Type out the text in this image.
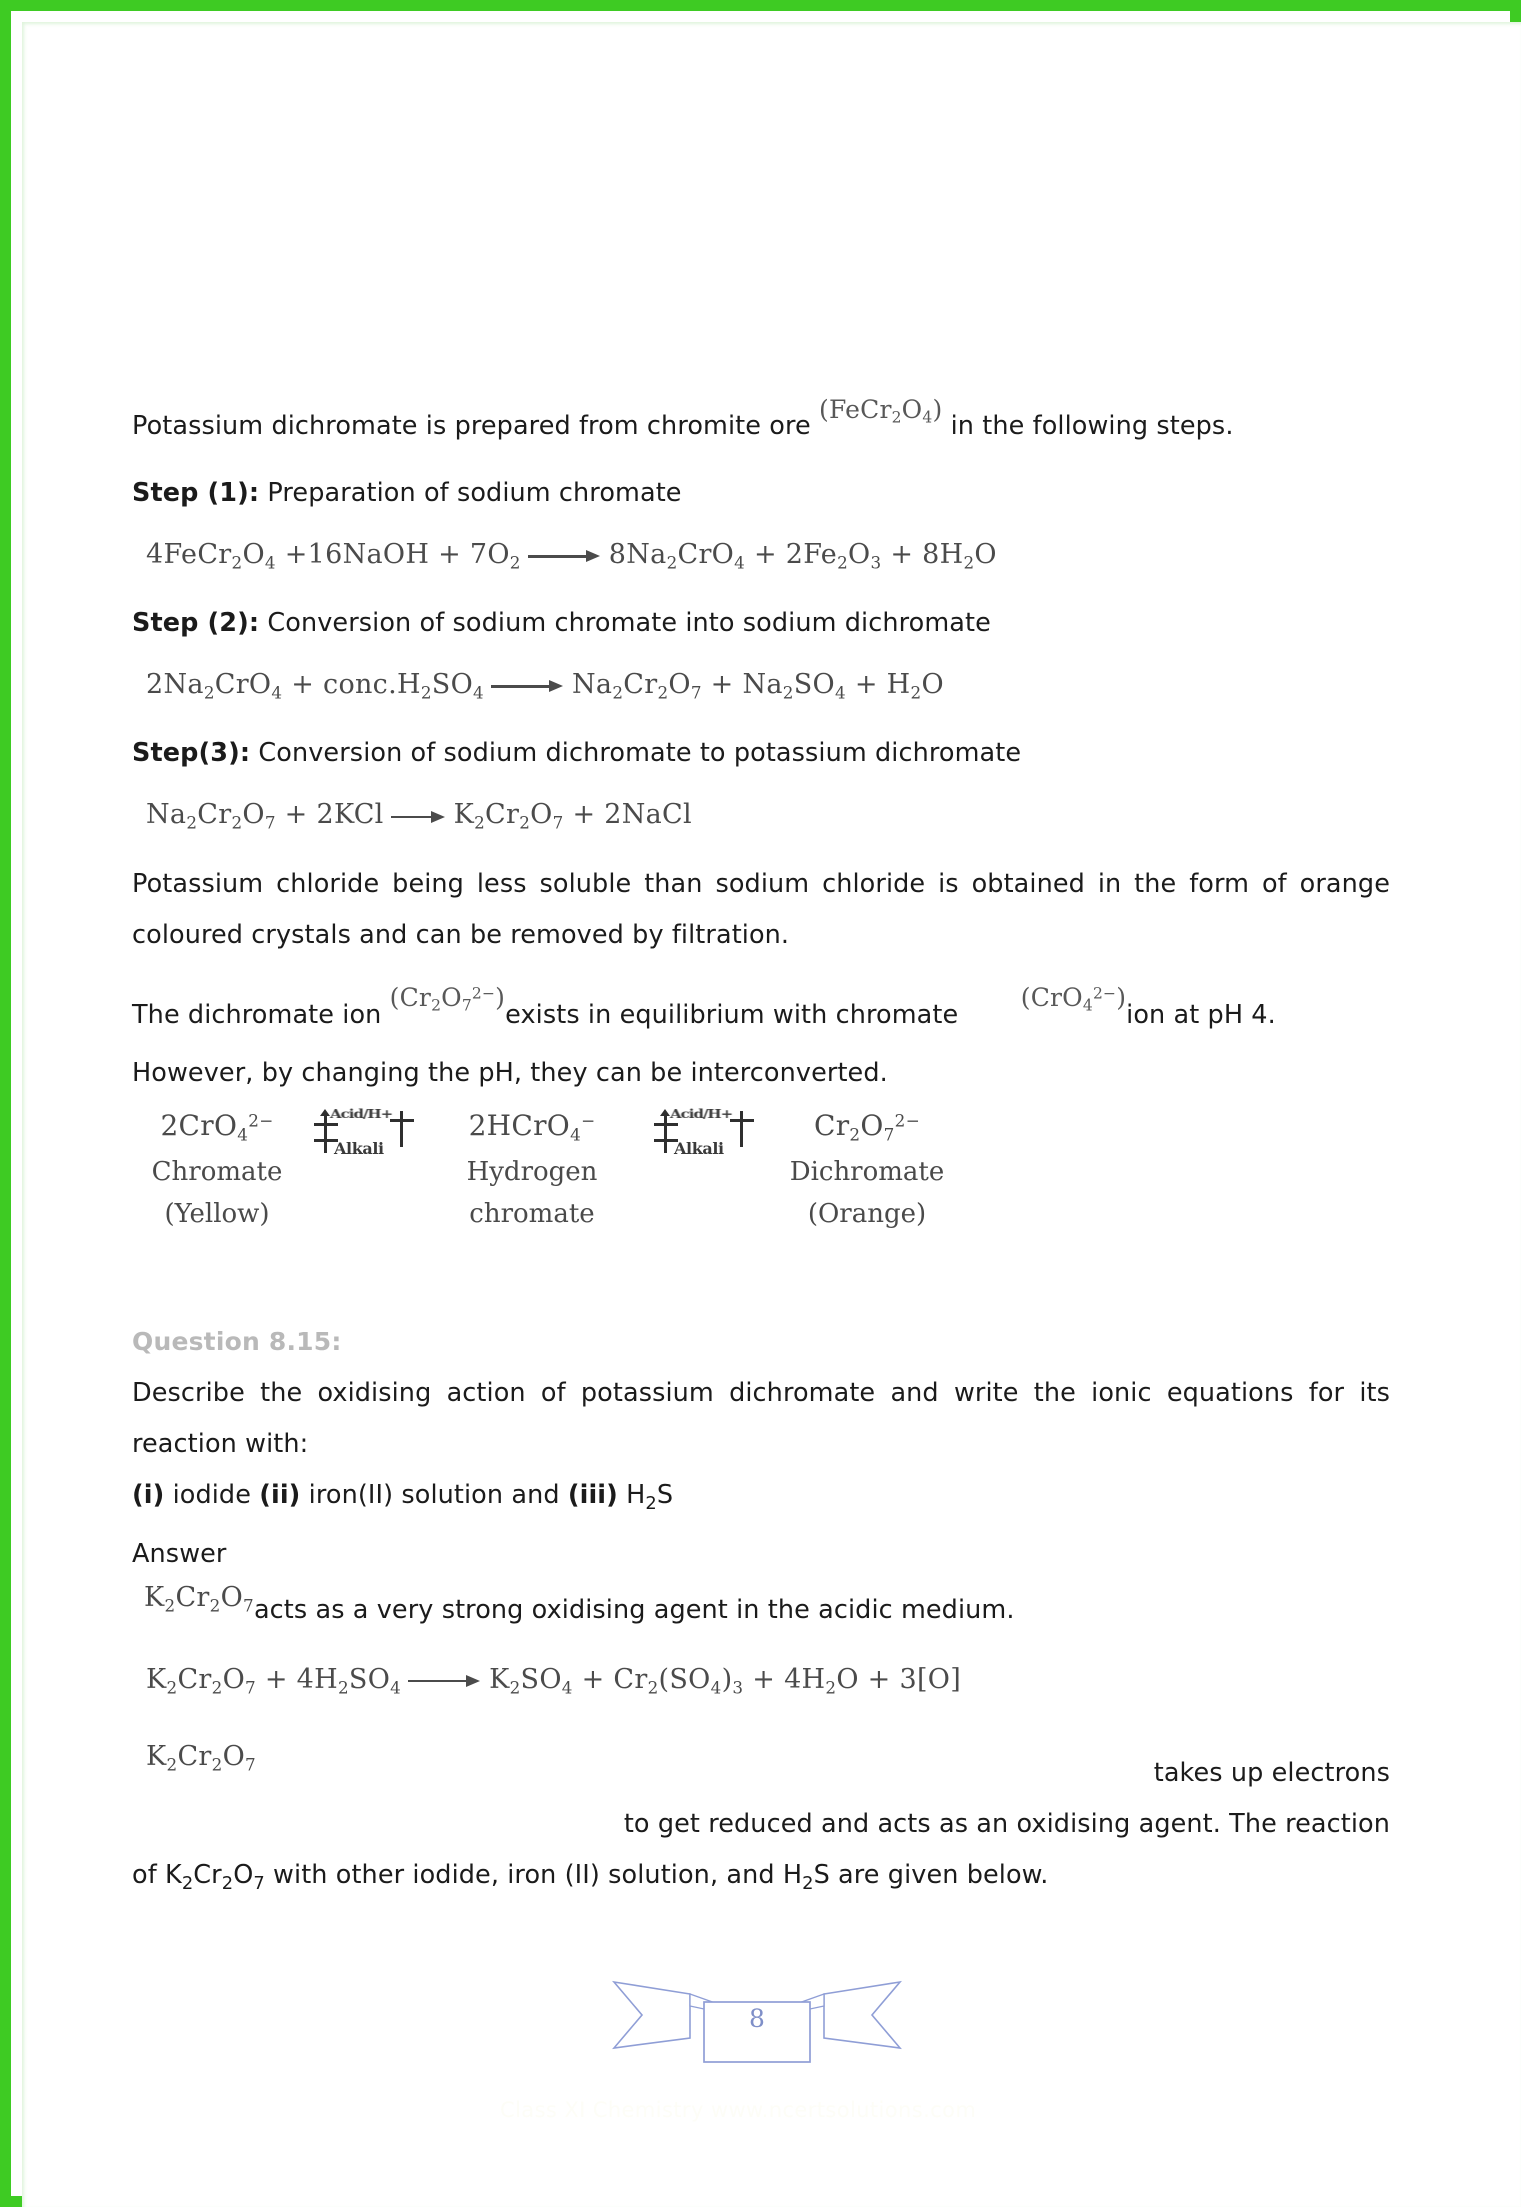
Potassium dichromate is prepared from chromite ore $(FeCr_2O_4)$ in the following steps.

Step (1): Preparation of sodium chromate

$4FeCr_2O_4$ +16NaOH + $7O_2$	$8Na_2CrO_4 + 2Fe_2O_3 + 8H_2O$

Step (2): Conversion of sodium chromate into sodium dichromate

$2Na_2CrO_4$ + $conc.H_2SO_4$	$Na_2Cr_2O_7 + Na_2SO_4 + H_2O$

Step(3): Conversion of sodium dichromate to potassium dichromate

$Na_2Cr_2O_7 + 2KCl$	$K_2Cr_2O_7$ + 2NaCl

Potassium chloride being less soluble than sodium chloride is obtained in the form of orange coloured crystals and can be removed by filtration.

The dichromate ion $(Cr_2O_7^{2-})exists$ in equilibrium with chromate  (CrO$_4^{2-}$)ion at pH 4.

However, by changing the pH, they can be interconverted.

2CrO$_4^{2-}$
Chromate
(Yellow)
Acid/H+
Alkali
2HCrO$_4$−
Hydrogen
chromate
Acid/H+
Alkali
$Cr_2O_7^{2-}$
Dichromate
(Orange)

Question 8.15:

Describe the oxidising action of potassium dichromate and write the ionic equations for its reaction with:

(i) iodide (ii) iron(II) solution and (iii) $H_2S$

Answer

$K_2Cr_2O_7acts$ as a very strong oxidising agent in the acidic medium.

$K_2Cr_2O_7 + 4H_2SO_4$	$K_2SO_4 + Cr_2(SO_4)_3 + 4H_2O + 3[O]$

$K_2Cr_2O_7$	takes up electrons

to get reduced and acts as an oxidising agent. The reaction

of $K_2Cr_2O_7$ with other iodide, iron (II) solution, and $H_2S$ are given below.

8
Class XI Chemistry www.ncertsolutions.com
